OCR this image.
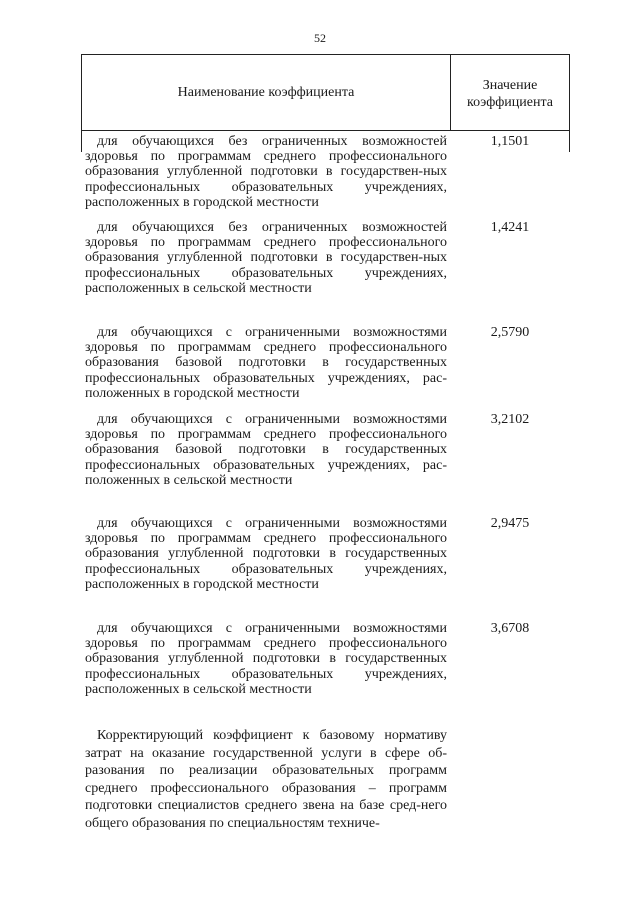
52
Наименование коэффициента	Значение
коэффициента
для обучающихся без ограниченных возможностей здоровья по программам среднего профессионального образования углубленной подготовки в государствен-ных профессиональных образовательных учреждениях, расположенных в городской местности
1,1501
для обучающихся без ограниченных возможностей здоровья по программам среднего профессионального образования углубленной подготовки в государствен-ных профессиональных образовательных учреждениях, расположенных в сельской местности
1,4241
для обучающихся с ограниченными возможностями здоровья по программам среднего профессионального образования базовой подготовки в государственных профессиональных образовательных учреждениях, рас-положенных в городской местности
2,5790
для обучающихся с ограниченными возможностями здоровья по программам среднего профессионального образования базовой подготовки в государственных профессиональных образовательных учреждениях, рас-положенных в сельской местности
3,2102
для обучающихся с ограниченными возможностями здоровья по программам среднего профессионального образования углубленной подготовки в государственных профессиональных образовательных учреждениях, расположенных в городской местности
2,9475
для обучающихся с ограниченными возможностями здоровья по программам среднего профессионального образования углубленной подготовки в государственных профессиональных образовательных учреждениях, расположенных в сельской местности
3,6708
Корректирующий коэффициент к базовому нормативу затрат на оказание государственной услуги в сфере об-разования по реализации образовательных программ среднего профессионального образования – программ подготовки специалистов среднего звена на базе сред-него общего образования по специальностям техниче-
